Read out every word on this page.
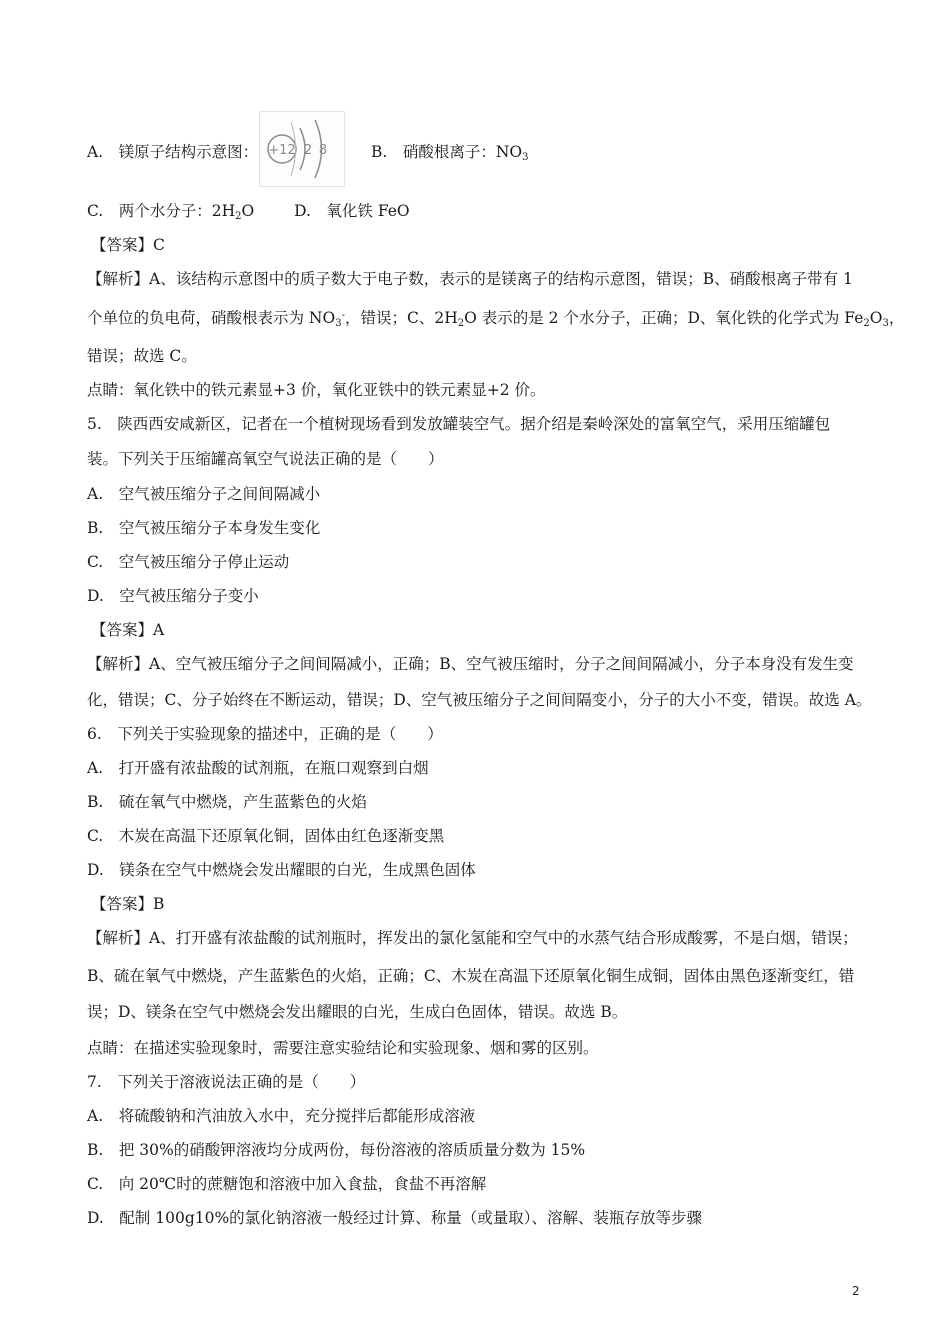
A.　 镁原子结构示意图： +12 2 8	B.　硝酸根离子：$NO_3$
C.　两个水分子：$2H_2O$	D.　氧化铁 FeO
【答案】C
【解析】A、该结构示意图中的质子数大于电子数，表示的是镁离子的结构示意图，错误；B、硝酸根离子带有 1
个单位的负电荷，硝酸根表示为 $NO_3^-$，错误；C、$2H_2O$ 表示的是 2 个水分子，正确；D、氧化铁的化学式为 $Fe_2O_3$，
错误；故选 C。
点睛：氧化铁中的铁元素显+3 价，氧化亚铁中的铁元素显+2 价。
5.　陕西西安咸新区，记者在一个植树现场看到发放罐装空气。据介绍是秦岭深处的富氧空气，采用压缩罐包
装。下列关于压缩罐高氧空气说法正确的是（　　）
A.　空气被压缩分子之间间隔减小
B.　空气被压缩分子本身发生变化
C.　空气被压缩分子停止运动
D.　空气被压缩分子变小
【答案】A
【解析】A、空气被压缩分子之间间隔减小，正确；B、空气被压缩时，分子之间间隔减小，分子本身没有发生变
化，错误；C、分子始终在不断运动，错误；D、空气被压缩分子之间间隔变小，分子的大小不变，错误。故选 A。
6.　下列关于实验现象的描述中，正确的是（　　）
A.　打开盛有浓盐酸的试剂瓶，在瓶口观察到白烟
B.　硫在氧气中燃烧，产生蓝紫色的火焰
C.　木炭在高温下还原氧化铜，固体由红色逐渐变黑
D.　镁条在空气中燃烧会发出耀眼的白光，生成黑色固体
【答案】B
【解析】A、打开盛有浓盐酸的试剂瓶时，挥发出的氯化氢能和空气中的水蒸气结合形成酸雾，不是白烟，错误；
B、硫在氧气中燃烧，产生蓝紫色的火焰，正确；C、木炭在高温下还原氧化铜生成铜，固体由黑色逐渐变红，错
误；D、镁条在空气中燃烧会发出耀眼的白光，生成白色固体，错误。故选 B。
点睛：在描述实验现象时，需要注意实验结论和实验现象、烟和雾的区别。
7.　下列关于溶液说法正确的是（　　）
A.　将硫酸钠和汽油放入水中，充分搅拌后都能形成溶液
B.　把 30%的硝酸钾溶液均分成两份，每份溶液的溶质质量分数为 15%
C.　向 20℃时的蔗糖饱和溶液中加入食盐，食盐不再溶解
D.　配制 100g10%的氯化钠溶液一般经过计算、称量（或量取）、溶解、装瓶存放等步骤
2
